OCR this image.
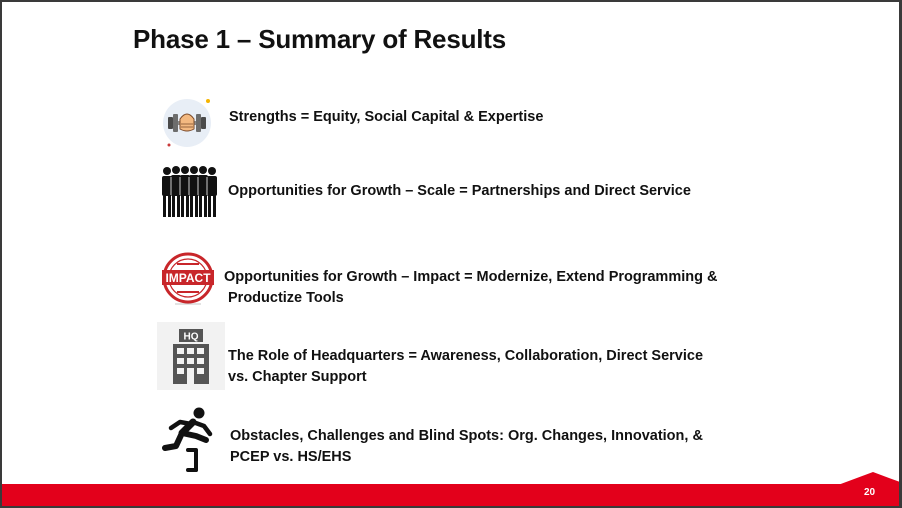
Phase 1 – Summary of Results

Strengths = Equity, Social Capital & Expertise

Opportunities for Growth – Scale = Partnerships and Direct Service

IMPACT Opportunities for Growth – Impact = Modernize, Extend Programming &
Productize Tools

HQ

The Role of Headquarters = Awareness, Collaboration, Direct Service
vs. Chapter Support

Obstacles, Challenges and Blind Spots: Org. Changes, Innovation, &
PCEP vs. HS/EHS

20
